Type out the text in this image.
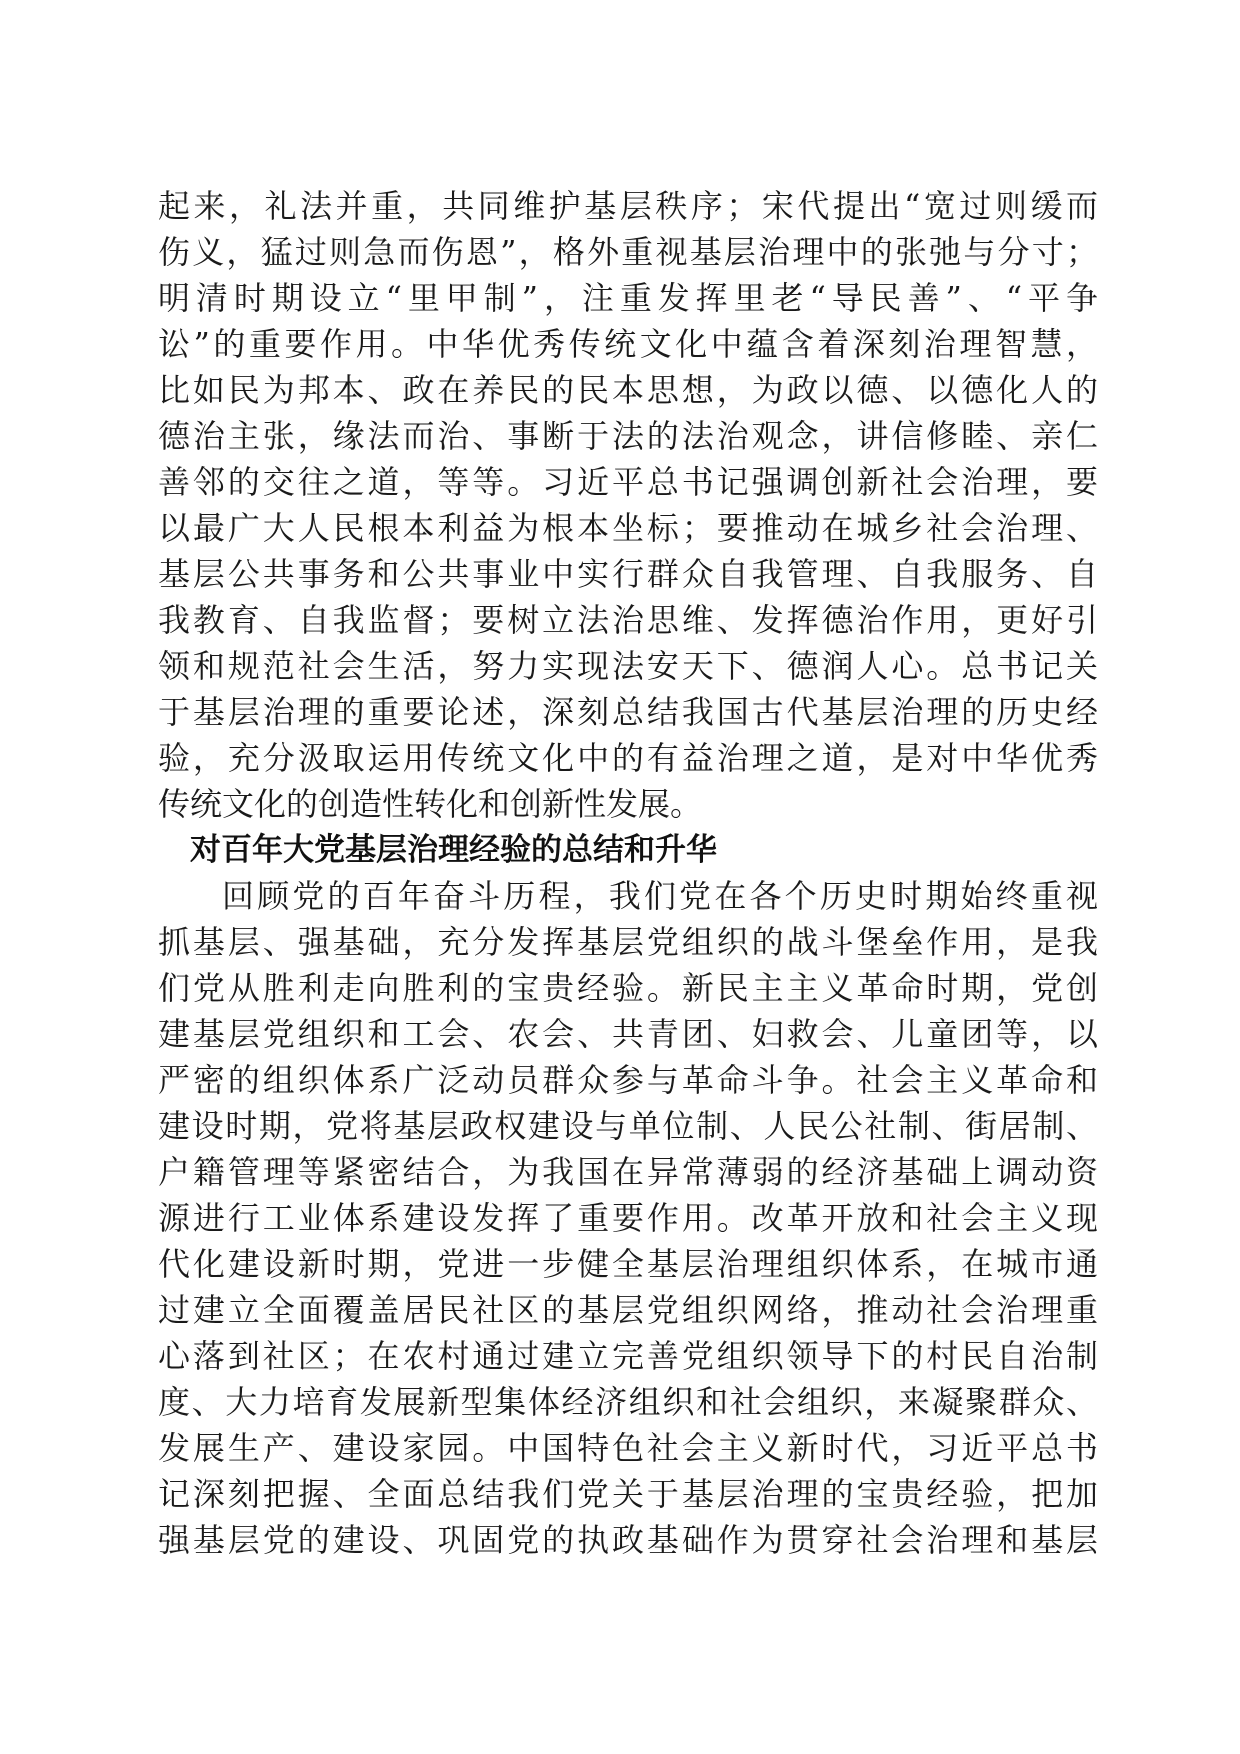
起来，礼法并重，共同维护基层秩序；宋代提出“宽过则缓而
伤义，猛过则急而伤恩”，格外重视基层治理中的张弛与分寸；
明清时期设立“里甲制”，注重发挥里老“导民善”、“平争
讼”的重要作用。中华优秀传统文化中蕴含着深刻治理智慧，
比如民为邦本、政在养民的民本思想，为政以德、以德化人的
德治主张，缘法而治、事断于法的法治观念，讲信修睦、亲仁
善邻的交往之道，等等。习近平总书记强调创新社会治理，要
以最广大人民根本利益为根本坐标；要推动在城乡社会治理、
基层公共事务和公共事业中实行群众自我管理、自我服务、自
我教育、自我监督；要树立法治思维、发挥德治作用，更好引
领和规范社会生活，努力实现法安天下、德润人心。总书记关
于基层治理的重要论述，深刻总结我国古代基层治理的历史经
验，充分汲取运用传统文化中的有益治理之道，是对中华优秀
传统文化的创造性转化和创新性发展。
对百年大党基层治理经验的总结和升华
回顾党的百年奋斗历程，我们党在各个历史时期始终重视
抓基层、强基础，充分发挥基层党组织的战斗堡垒作用，是我
们党从胜利走向胜利的宝贵经验。新民主主义革命时期，党创
建基层党组织和工会、农会、共青团、妇救会、儿童团等，以
严密的组织体系广泛动员群众参与革命斗争。社会主义革命和
建设时期，党将基层政权建设与单位制、人民公社制、街居制、
户籍管理等紧密结合，为我国在异常薄弱的经济基础上调动资
源进行工业体系建设发挥了重要作用。改革开放和社会主义现
代化建设新时期，党进一步健全基层治理组织体系，在城市通
过建立全面覆盖居民社区的基层党组织网络，推动社会治理重
心落到社区；在农村通过建立完善党组织领导下的村民自治制
度、大力培育发展新型集体经济组织和社会组织，来凝聚群众、
发展生产、建设家园。中国特色社会主义新时代，习近平总书
记深刻把握、全面总结我们党关于基层治理的宝贵经验，把加
强基层党的建设、巩固党的执政基础作为贯穿社会治理和基层
